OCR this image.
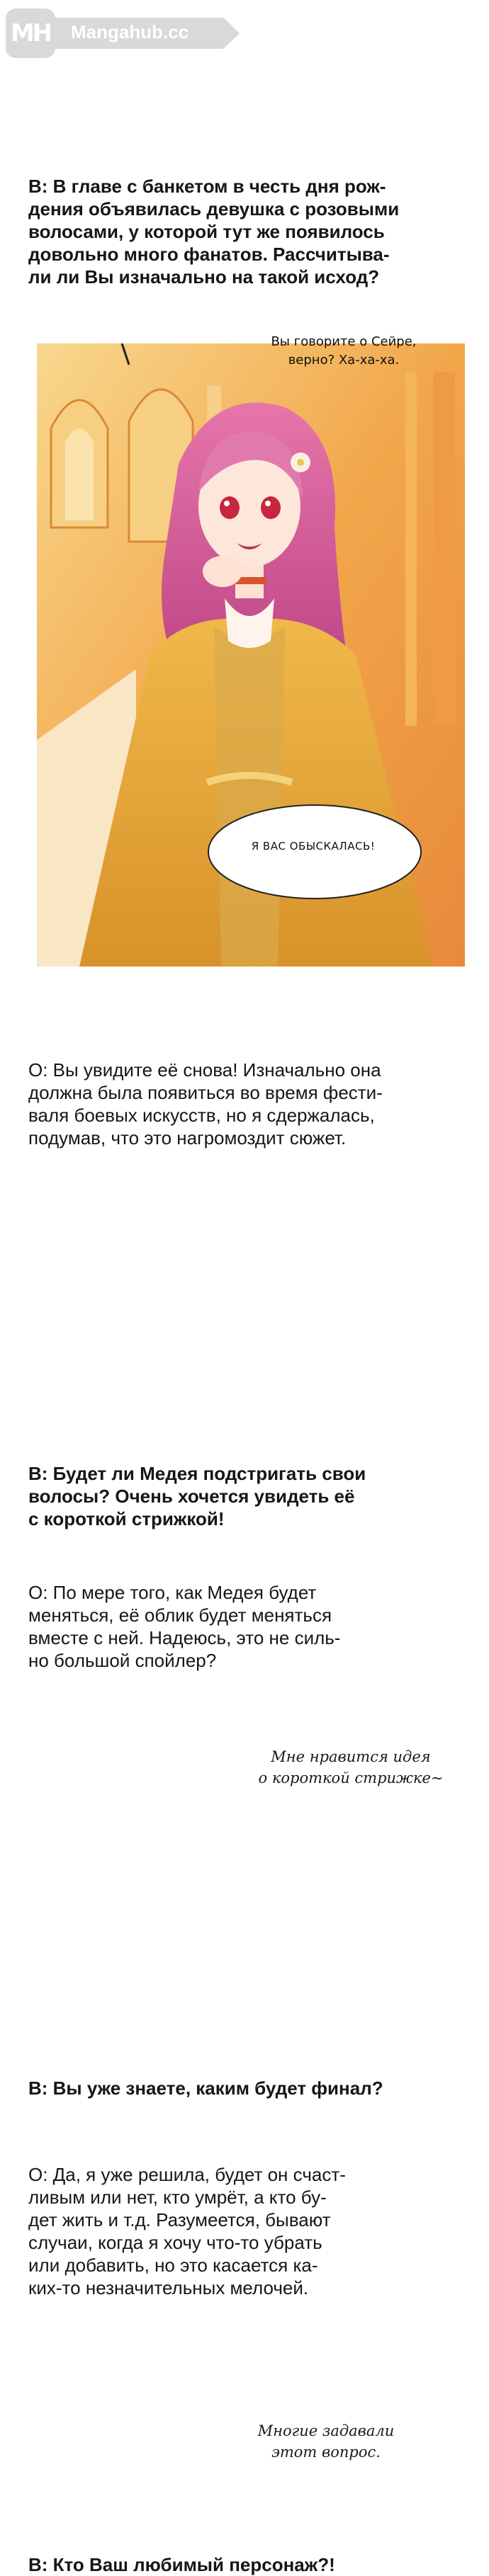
MH Mangahub.cc
В: В главе с банкетом в честь дня рож-
дения объявилась девушка с розовыми
волосами, у которой тут же появилось
довольно много фанатов. Рассчитыва-
ли ли Вы изначально на такой исход?
Вы говорите о Сейре,
верно? Ха-ха-ха.
Я ВАС ОБЫСКАЛАСЬ!
О: Вы увидите её снова! Изначально она
должна была появиться во время фести-
валя боевых искусств, но я сдержалась,
подумав, что это нагромоздит сюжет.
В: Будет ли Медея подстригать свои
волосы? Очень хочется увидеть её
с короткой стрижкой!
О: По мере того, как Медея будет
меняться, её облик будет меняться
вместе с ней. Надеюсь, это не силь-
но большой спойлер?
Мне нравится идея
о короткой стрижке~
В: Вы уже знаете, каким будет финал?
О: Да, я уже решила, будет он счаст-
ливым или нет, кто умрёт, а кто бу-
дет жить и т.д. Разумеется, бывают
случаи, когда я хочу что-то убрать
или добавить, но это касается ка-
ких-то незначительных мелочей.
Многие задавали
этот вопрос.
В: Кто Ваш любимый персонаж?!
